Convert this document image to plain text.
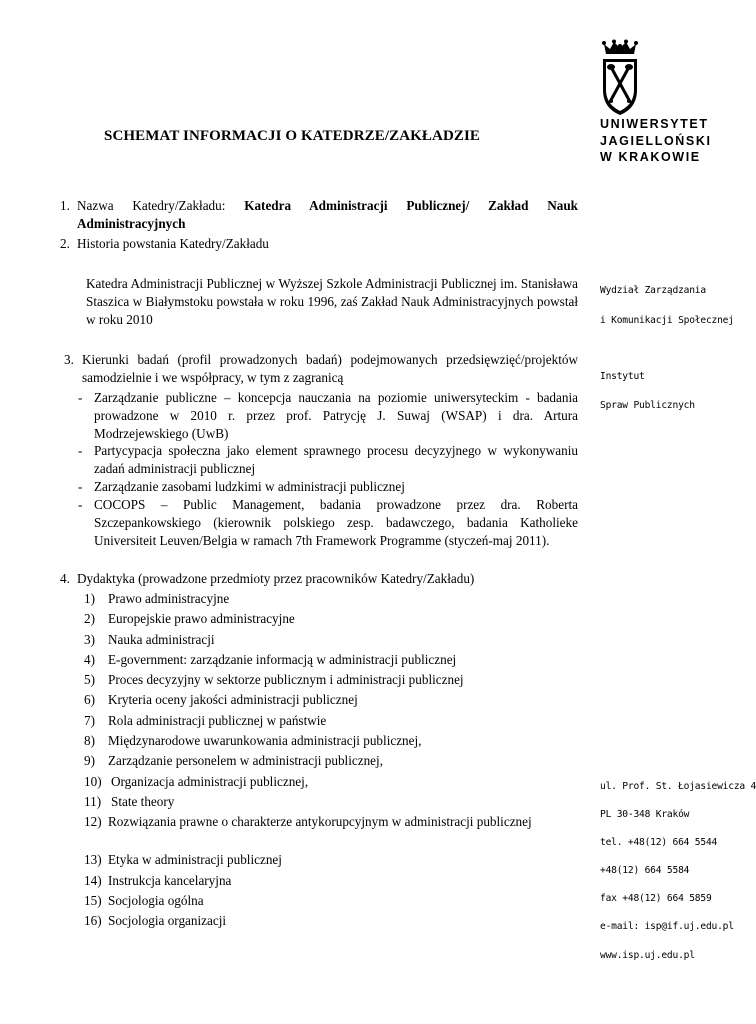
UNIWERSYTET
JAGIELLOŃSKI
W KRAKOWIE
Wydział Zarządzania
i Komunikacji Społecznej
Instytut
Spraw Publicznych
ul. Prof. St. Łojasiewicza 4
PL 30-348 Kraków
tel. +48(12) 664 5544
+48(12) 664 5584
fax +48(12) 664 5859
e-mail: isp@if.uj.edu.pl
www.isp.uj.edu.pl
SCHEMAT INFORMACJI O KATEDRZE/ZAKŁADZIE
1. Nazwa Katedry/Zakładu: Katedra Administracji Publicznej/ Zakład Nauk Administracyjnych
2. Historia powstania Katedry/Zakładu
Katedra Administracji Publicznej w Wyższej Szkole Administracji Publicznej im. Stanisława Staszica w Białymstoku powstała w roku 1996, zaś Zakład Nauk Administracyjnych powstał w roku 2010
3. Kierunki badań (profil prowadzonych badań) podejmowanych przedsięwzięć/projektów samodzielnie i we współpracy, w tym z zagranicą
- Zarządzanie publiczne – koncepcja nauczania na poziomie uniwersyteckim - badania prowadzone w 2010 r. przez prof. Patrycję J. Suwaj (WSAP) i dra. Artura Modrzejewskiego (UwB)
- Partycypacja społeczna jako element sprawnego procesu decyzyjnego w wykonywaniu zadań administracji publicznej
- Zarządzanie zasobami ludzkimi w administracji publicznej
- COCOPS – Public Management, badania prowadzone przez dra. Roberta Szczepankowskiego (kierownik polskiego zesp. badawczego, badania Katholieke Universiteit Leuven/Belgia w ramach 7th Framework Programme (styczeń-maj 2011).
4. Dydaktyka (prowadzone przedmioty przez pracowników Katedry/Zakładu)
1) Prawo administracyjne
2) Europejskie prawo administracyjne
3) Nauka administracji
4) E-government: zarządzanie informacją w administracji publicznej
5) Proces decyzyjny w sektorze publicznym i administracji publicznej
6) Kryteria oceny jakości administracji publicznej
7) Rola administracji publicznej w państwie
8) Międzynarodowe uwarunkowania administracji publicznej,
9) Zarządzanie personelem w administracji publicznej,
10) Organizacja administracji publicznej,
11) State theory
12) Rozwiązania prawne o charakterze antykorupcyjnym w administracji publicznej
13) Etyka w administracji publicznej
14) Instrukcja kancelaryjna
15) Socjologia ogólna
16) Socjologia organizacji
